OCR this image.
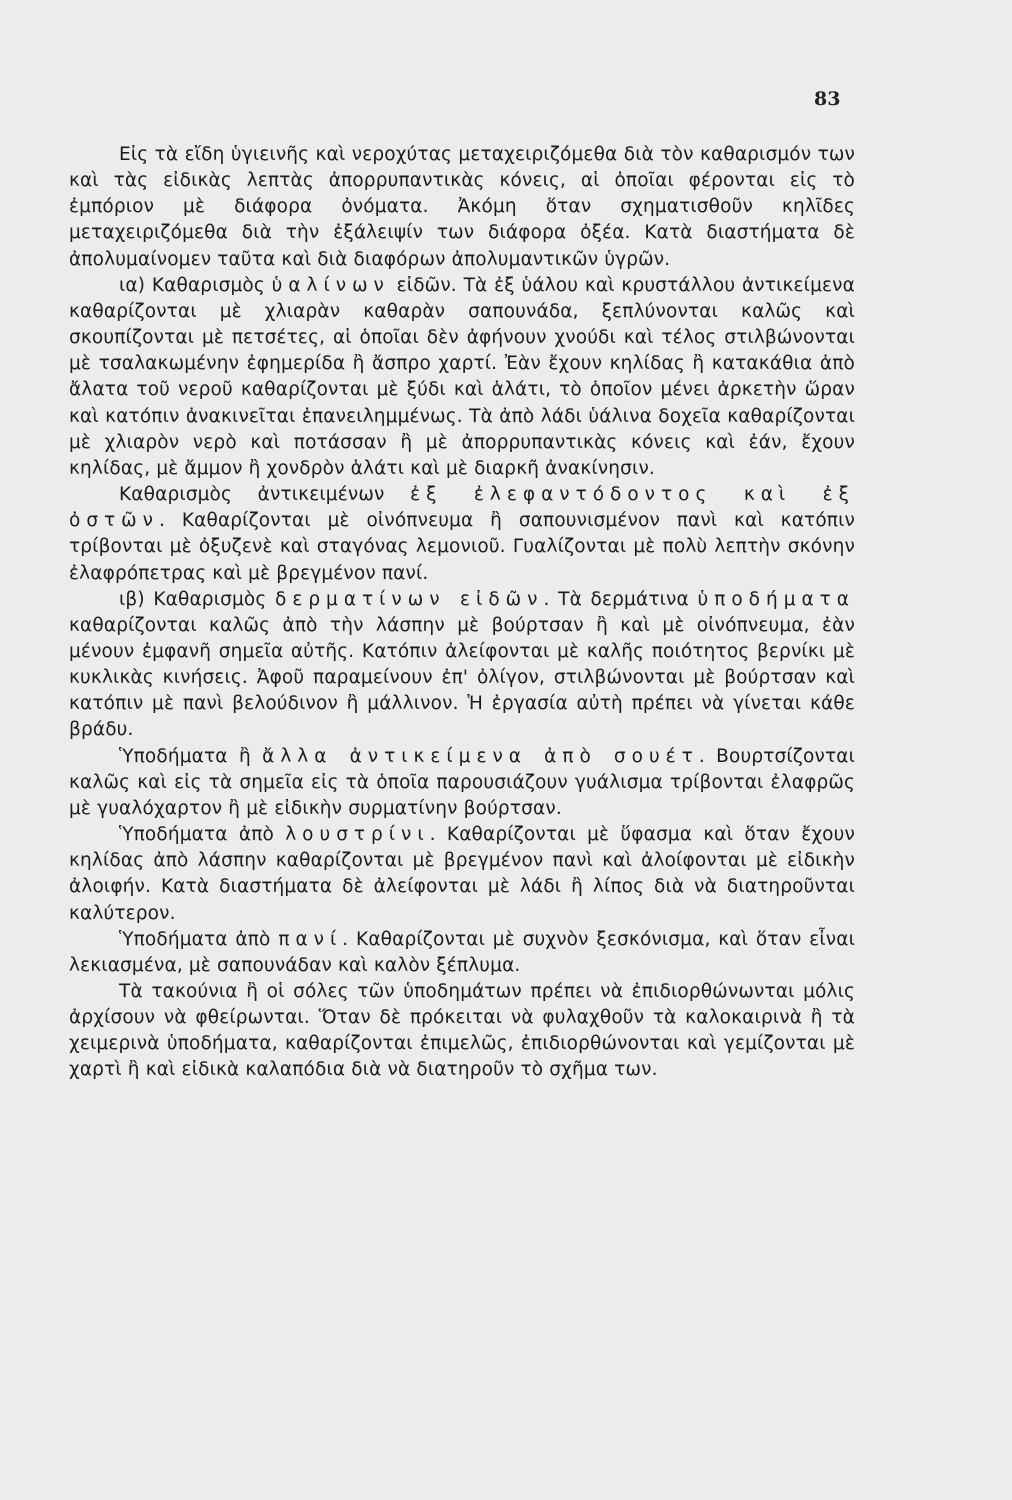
83

Εἰς τὰ εἴδη ὑγιεινῆς καὶ νεροχύτας μεταχειριζόμεθα διὰ τὸν καθαρισμόν των καὶ τὰς εἰδικὰς λεπτὰς ἀπορρυπαντικὰς κόνεις, αἱ ὁποῖαι φέρονται εἰς τὸ ἐμπόριον μὲ διάφορα ὀνόματα. Ἀκόμη ὅταν σχηματισθοῦν κηλῖδες μεταχειριζόμεθα διὰ τὴν ἐξάλειψίν των διάφορα ὀξέα. Κατὰ διαστήματα δὲ ἀπολυμαίνομεν ταῦτα καὶ διὰ διαφόρων ἀπολυμαντικῶν ὑγρῶν.

ια) Καθαρισμὸς ὑαλίνων εἰδῶν. Τὰ ἐξ ὑάλου καὶ κρυστάλλου ἀντικείμενα καθαρίζονται μὲ χλιαρὰν καθαρὰν σαπουνάδα, ξεπλύνονται καλῶς καὶ σκουπίζονται μὲ πετσέτες, αἱ ὁποῖαι δὲν ἀφήνουν χνούδι καὶ τέλος στιλβώνονται μὲ τσαλακωμένην ἐφημερίδα ἢ ἄσπρο χαρτί. Ἐὰν ἔχουν κηλίδας ἢ κατακάθια ἀπὸ ἄλατα τοῦ νεροῦ καθαρίζονται μὲ ξύδι καὶ ἁλάτι, τὸ ὁποῖον μένει ἀρκετὴν ὥραν καὶ κατόπιν ἀνακινεῖται ἐπανειλημμένως. Τὰ ἀπὸ λάδι ὑάλινα δοχεῖα καθαρίζονται μὲ χλιαρὸν νερὸ καὶ ποτάσσαν ἢ μὲ ἀπορρυπαντικὰς κόνεις καὶ ἐάν, ἔχουν κηλίδας, μὲ ἄμμον ἢ χονδρὸν ἁλάτι καὶ μὲ διαρκῆ ἀνακίνησιν.

Καθαρισμὸς ἀντικειμένων ἐξ ἐλεφαντόδοντος καὶ ἐξ ὀστῶν. Καθαρίζονται μὲ οἰνόπνευμα ἢ σαπουνισμένον πανὶ καὶ κατόπιν τρίβονται μὲ ὀξυζενὲ καὶ σταγόνας λεμονιοῦ. Γυαλίζονται μὲ πολὺ λεπτὴν σκόνην ἐλαφρόπετρας καὶ μὲ βρεγμένον πανί.

ιβ) Καθαρισμὸς δερματίνων εἰδῶν. Τὰ δερμάτινα ὑποδήματα καθαρίζονται καλῶς ἀπὸ τὴν λάσπην μὲ βούρτσαν ἢ καὶ μὲ οἰνόπνευμα, ἐὰν μένουν ἐμφανῆ σημεῖα αὐτῆς. Κατόπιν ἀλείφονται μὲ καλῆς ποιότητος βερνίκι μὲ κυκλικὰς κινήσεις. Ἀφοῦ παραμείνουν ἐπ' ὀλίγον, στιλβώνονται μὲ βούρτσαν καὶ κατόπιν μὲ πανὶ βελούδινον ἢ μάλλινον. Ἡ ἐργασία αὐτὴ πρέπει νὰ γίνεται κάθε βράδυ.

Ὑποδήματα ἢ ἄλλα ἀντικείμενα ἀπὸ σουέτ. Βουρτσίζονται καλῶς καὶ εἰς τὰ σημεῖα εἰς τὰ ὁποῖα παρουσιάζουν γυάλισμα τρίβονται ἐλαφρῶς μὲ γυαλόχαρτον ἢ μὲ εἰδικὴν συρματίνην βούρτσαν.

Ὑποδήματα ἀπὸ λουστρίνι. Καθαρίζονται μὲ ὕφασμα καὶ ὅταν ἔχουν κηλίδας ἀπὸ λάσπην καθαρίζονται μὲ βρεγμένον πανὶ καὶ ἀλοίφονται μὲ εἰδικὴν ἀλοιφήν. Κατὰ διαστήματα δὲ ἀλείφονται μὲ λάδι ἢ λίπος διὰ νὰ διατηροῦνται καλύτερον.

Ὑποδήματα ἀπὸ πανί. Καθαρίζονται μὲ συχνὸν ξεσκόνισμα, καὶ ὅταν εἶναι λεκιασμένα, μὲ σαπουνάδαν καὶ καλὸν ξέπλυμα.

Τὰ τακούνια ἢ οἱ σόλες τῶν ὑποδημάτων πρέπει νὰ ἐπιδιορθώνωνται μόλις ἀρχίσουν νὰ φθείρωνται. Ὅταν δὲ πρόκειται νὰ φυλαχθοῦν τὰ καλοκαιρινὰ ἢ τὰ χειμερινὰ ὑποδήματα, καθαρίζονται ἐπιμελῶς, ἐπιδιορθώνονται καὶ γεμίζονται μὲ χαρτὶ ἢ καὶ εἰδικὰ καλαπόδια διὰ νὰ διατηροῦν τὸ σχῆμα των.
